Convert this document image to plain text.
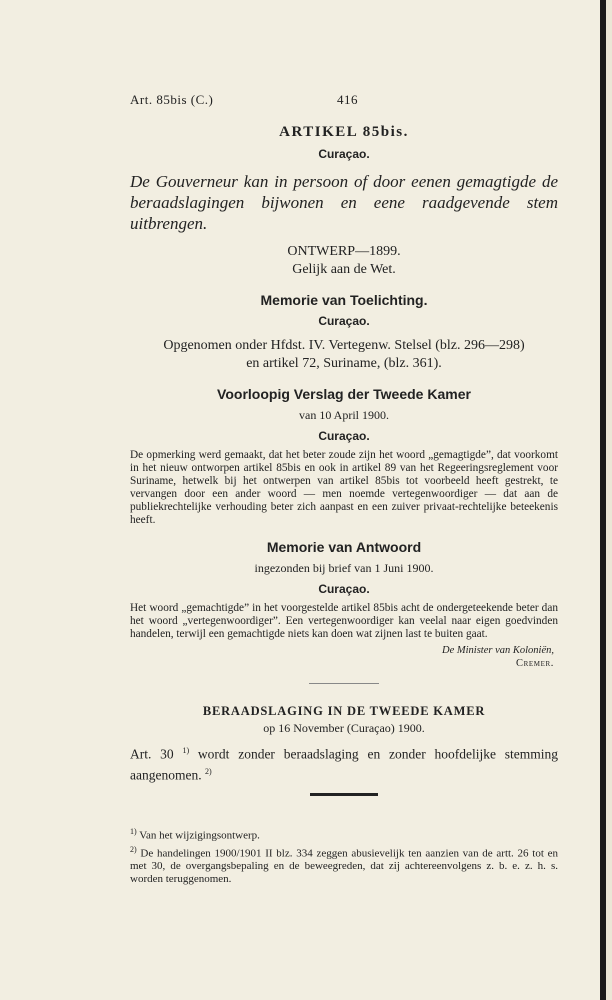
Art. 85bis (C.)	416
ARTIKEL 85bis.
Curaçao.
De Gouverneur kan in persoon of door eenen gemagtigde de beraadslagingen bijwonen en eene raadgevende stem uitbrengen.
ONTWERP—1899.
Gelijk aan de Wet.
Memorie van Toelichting.
Curaçao.
Opgenomen onder Hfdst. IV. Vertegenw. Stelsel (blz. 296—298)
en artikel 72, Suriname, (blz. 361).
Voorloopig Verslag der Tweede Kamer
van 10 April 1900.
Curaçao.
De opmerking werd gemaakt, dat het beter zoude zijn het woord „gemagtigde”, dat voorkomt in het nieuw ontworpen artikel 85bis en ook in artikel 89 van het Regeeringsreglement voor Suriname, hetwelk bij het ontwerpen van artikel 85bis tot voorbeeld heeft gestrekt, te vervangen door een ander woord — men noemde vertegenwoordiger — dat aan de publiekrechtelijke verhouding beter zich aanpast en een zuiver privaat-rechtelijke beteekenis heeft.
Memorie van Antwoord
ingezonden bij brief van 1 Juni 1900.
Curaçao.
Het woord „gemachtigde” in het voorgestelde artikel 85bis acht de ondergeteekende beter dan het woord „vertegenwoordiger”. Een vertegenwoordiger kan veelal naar eigen goedvinden handelen, terwijl een gemachtigde niets kan doen wat zijnen last te buiten gaat.
De Minister van Koloniën,
Cremer.
BERAADSLAGING IN DE TWEEDE KAMER
op 16 November (Curaçao) 1900.
Art. 30 $^{1)}$ wordt zonder beraadslaging en zonder hoofdelijke stemming aangenomen. $^{2)}$

$^{1)}$ Van het wijzigingsontwerp.

$^{2)}$ De handelingen 1900/1901 II blz. 334 zeggen abusievelijk ten aanzien van de artt. 26 tot en met 30, de overgangsbepaling en de beweegreden, dat zij achtereenvolgens z. b. e. z. h. s. worden teruggenomen.
